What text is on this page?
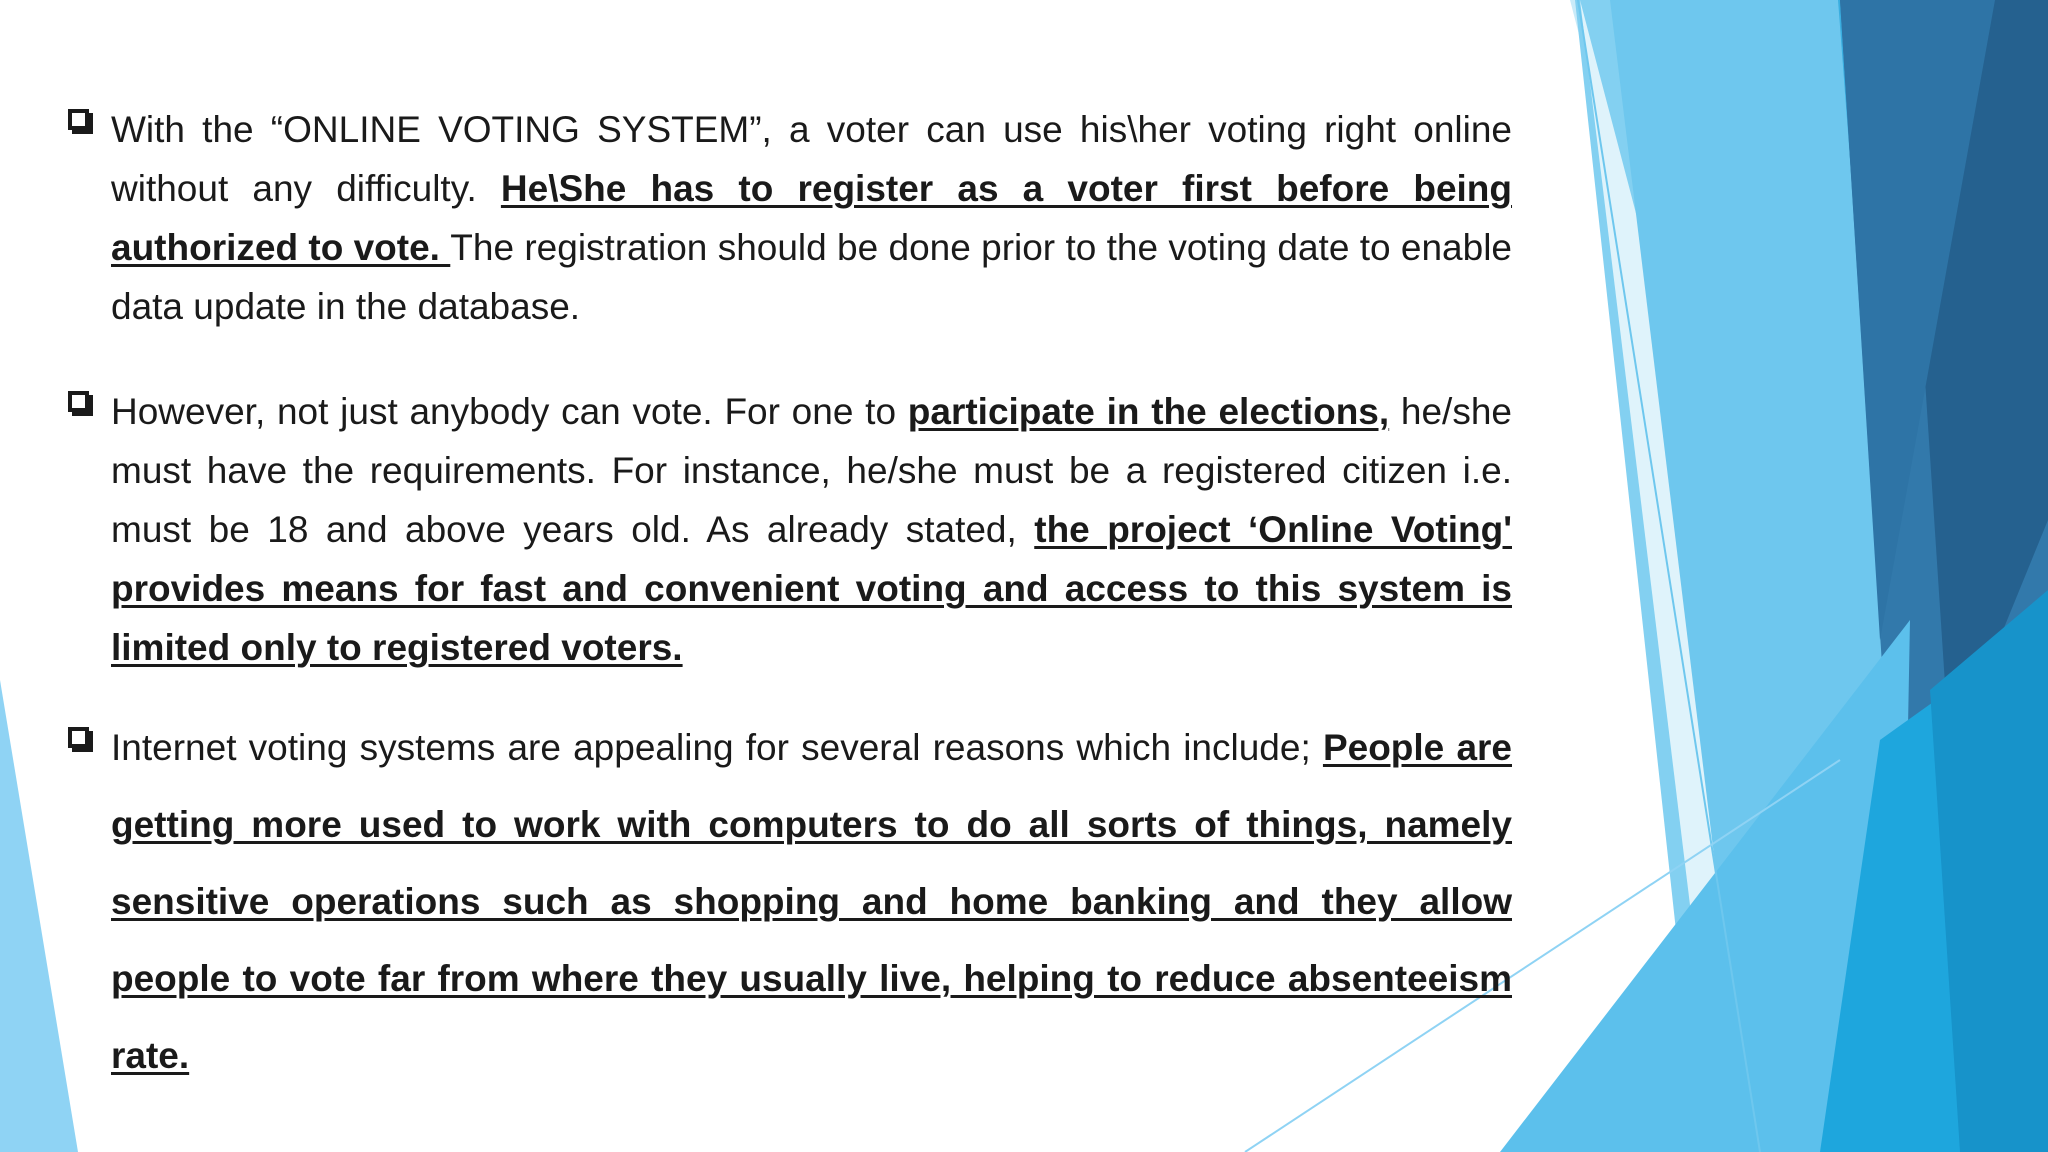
With the “ONLINE VOTING SYSTEM”, a voter can use his\her voting right online without any difficulty. He\She has to register as a voter first before being authorized to vote. The registration should be done prior to the voting date to enable data update in the database.
However, not just anybody can vote. For one to participate in the elections, he/she must have the requirements. For instance, he/she must be a registered citizen i.e. must be 18 and above years old. As already stated, the project ‘Online Voting' provides means for fast and convenient voting and access to this system is limited only to registered voters.
Internet voting systems are appealing for several reasons which include; People are getting more used to work with computers to do all sorts of things, namely sensitive operations such as shopping and home banking and they allow people to vote far from where they usually live, helping to reduce absenteeism rate.
